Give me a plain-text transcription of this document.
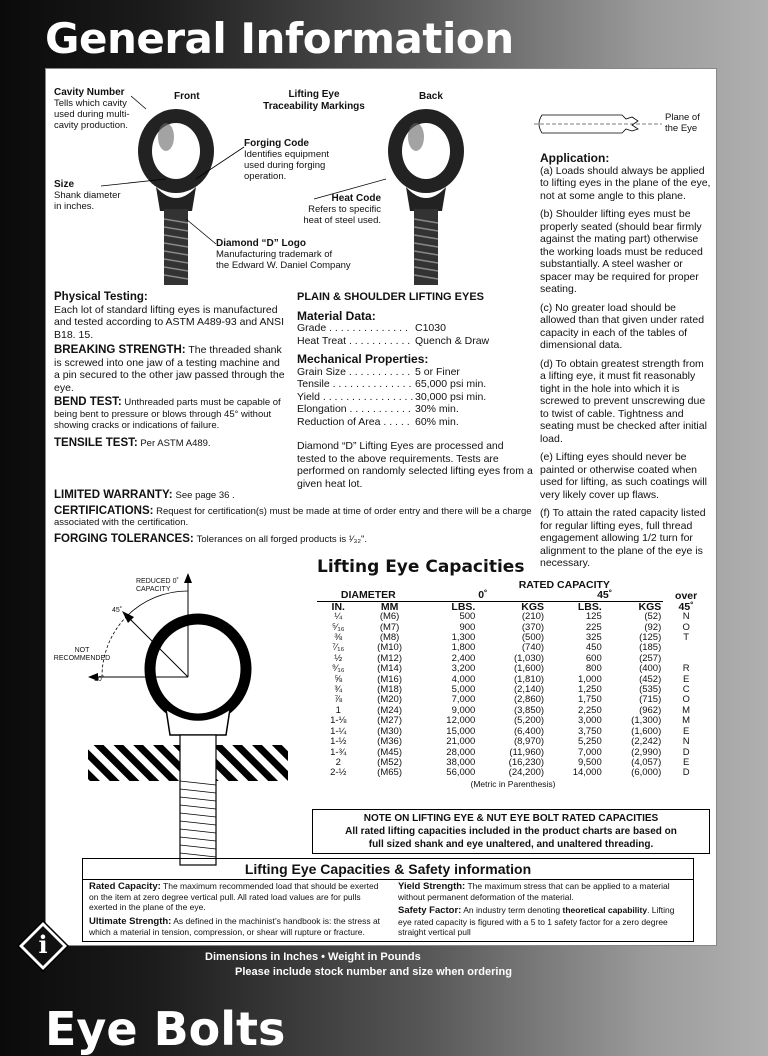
General Information
Front	Lifting Eye
Traceability Markings
Back
Cavity Number
Tells which cavity
used during multi-
cavity production.
Forging Code
Identifies equipment
used during forging
operation.
Size
Shank diameter
in inches.
Heat Code
Refers to specific
heat of steel used.
Diamond “D” Logo
Manufacturing trademark of
the Edward W. Daniel Company
Plane of
the Eye
Application:

(a) Loads should always be applied to lifting eyes in the plane of the eye, not at some angle to this plane.

(b) Shoulder lifting eyes must be properly seated (should bear firmly against the mating part) otherwise the working loads must be reduced substantially. A steel washer or spacer may be required for proper seating.

(c) No greater load should be allowed than that given under rated capacity in each of the tables of dimensional data.

(d) To obtain greatest strength from a lifting eye, it must fit reasonably tight in the hole into which it is screwed to prevent unscrewing due to twist of cable. Tightness and seating must be checked after initial load.

(e) Lifting eyes should never be painted or otherwise coated when used for lifting, as such coatings will very likely cover up flaws.

(f) To attain the rated capacity listed for regular lifting eyes, full thread engagement allowing 1/2 turn for alignment to the plane of the eye is necessary.

Physical Testing:
Each lot of standard lifting eyes is manufactured and tested according to ASTM A489-93 and ANSI B18. 15.
BREAKING STRENGTH: The threaded shank is screwed into one jaw of a testing machine and a pin secured to the other jaw passed through the eye.
BEND TEST: Unthreaded parts must be capable of being bent to pressure or blows through 45° without showing cracks or indications of failure.
TENSILE TEST: Per ASTM A489.
PLAIN & SHOULDER LIFTING EYES
Material Data:
Grade . . . . . . . . . . . . . . C1030
Heat Treat . . . . . . . . . . . Quench & Draw
Mechanical Properties:
Grain Size . . . . . . . . . . . 5 or Finer
Tensile . . . . . . . . . . . . . . 65,000 psi min.
Yield . . . . . . . . . . . . . . . . 30,000 psi min.
Elongation . . . . . . . . . . . 30% min.
Reduction of Area . . . . . 60% min.
Diamond “D” Lifting Eyes are processed and tested to the above requirements. Tests are performed on randomly selected lifting eyes from a given heat lot.
LIMITED WARRANTY: See page 36 .
CERTIFICATIONS: Request for certification(s) must be made at time of order entry and there will be a charge associated with the certification.
FORGING TOLERANCES: Tolerances on all forged products is ¹⁄₃₂ʺ.
REDUCED 0˚
CAPACITY
45˚
90˚
NOT
RECOMMENDED
Lifting Eye Capacities
		RATED CAPACITY				
DIAMETER		0˚		45˚		over
IN.	MM	LBS.	KGS	LBS.	KGS	45˚
¼	(M6)	500	(210)	125	(52)	N
⁵⁄₁₆	(M7)	900	(370)	225	(92)	O
⅜	(M8)	1,300	(500)	325	(125)	T
⁷⁄₁₆	(M10)	1,800	(740)	450	(185)	
½	(M12)	2,400	(1,030)	600	(257)	
⁹⁄₁₆	(M14)	3,200	(1,600)	800	(400)	R
⅝	(M16)	4,000	(1,810)	1,000	(452)	E
¾	(M18)	5,000	(2,140)	1,250	(535)	C
⅞	(M20)	7,000	(2,860)	1,750	(715)	O
1	(M24)	9,000	(3,850)	2,250	(962)	M
1-⅛	(M27)	12,000	(5,200)	3,000	(1,300)	M
1-¼	(M30)	15,000	(6,400)	3,750	(1,600)	E
1-½	(M36)	21,000	(8,970)	5,250	(2,242)	N
1-¾	(M45)	28,000	(11,960)	7,000	(2,990)	D
2	(M52)	38,000	(16,230)	9,500	(4,057)	E
2-½	(M65)	56,000	(24,200)	14,000	(6,000)	D
(Metric in Parenthesis)						
NOTE ON LIFTING EYE & NUT EYE BOLT RATED CAPACITIES
All rated lifting capacities included in the product charts are based on
full sized shank and eye unaltered, and unaltered threading.
Lifting Eye Capacities & Safety information
Rated Capacity: The maximum recommended load that should be exerted on the item at zero degree vertical pull. All rated load values are for pulls exerted in the plane of the eye.
Ultimate Strength: As defined in the machinist’s handbook is: the stress at which a material in tension, compression, or shear will rupture or fracture.
Yield Strength: The maximum stress that can be applied to a material without permanent deformation of the material.
Safety Factor: An industry term denoting theoretical capability. Lifting eye rated capacity is figured with a 5 to 1 safety factor for a zero degree straight vertical pull
i	Dimensions in Inches • Weight in Pounds
Please include stock number and size when ordering
Eye Bolts
